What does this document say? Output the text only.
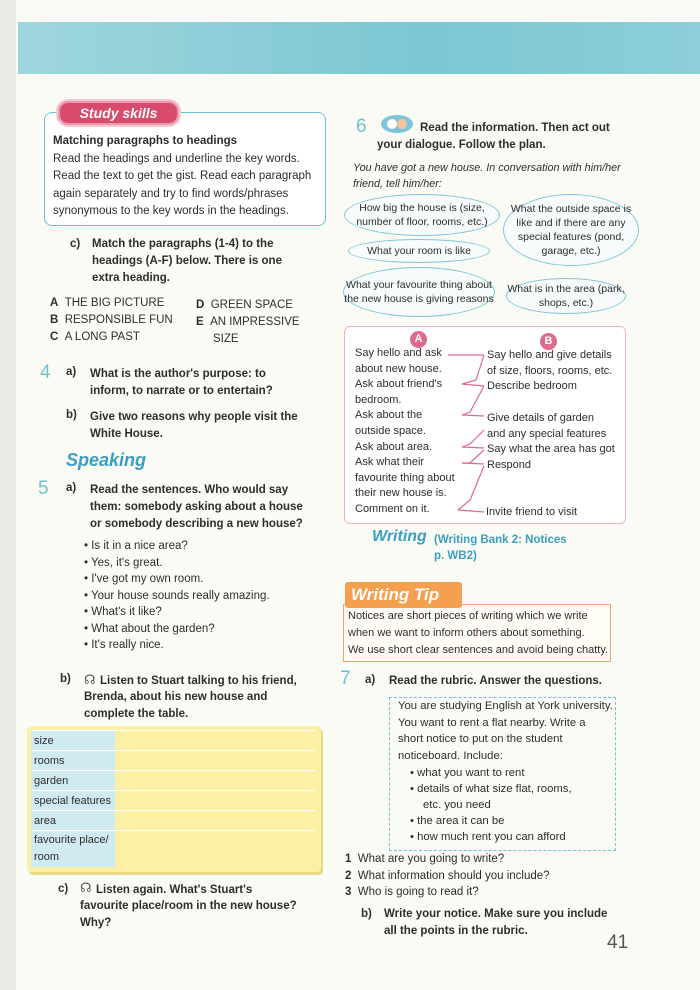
Matching paragraphs to headings
Read the headings and underline the key words.
Read the text to get the gist. Read each paragraph
again separately and try to find words/phrases
synonymous to the key words in the headings.
Study skills
c) Match the paragraphs (1-4) to the
headings (A-F) below. There is one
extra heading.
A THE BIG PICTURE
B RESPONSIBLE FUN
C A LONG PAST
D GREEN SPACE
E AN IMPRESSIVE
SIZE
4 a) What is the author's purpose: to
inform, to narrate or to entertain?
b) Give two reasons why people visit the
White House.
Speaking
5 a) Read the sentences. Who would say
them: somebody asking about a house
or somebody describing a new house?
• Is it in a nice area?
• Yes, it's great.
• I've got my own room.
• Your house sounds really amazing.
• What's it like?
• What about the garden?
• It's really nice.
b) ☊ Listen to Stuart talking to his friend,
Brenda, about his new house and
complete the table.
size
rooms
garden
special features
area
favourite place/
room
c) ☊ Listen again. What's Stuart's
favourite place/room in the new house?
Why?
6	Read the information. Then act out
your dialogue. Follow the plan.
You have got a new house. In conversation with him/her
friend, tell him/her:
How big the house is (size, number of floor, rooms, etc.)
What the outside space is like and if there are any special features (pond, garage, etc.)
What your room is like
What your favourite thing about the new house is giving reasons
What is in the area (park, shops, etc.)
A	B
Say hello and ask
about new house.
Ask about friend's
bedroom.
Ask about the
outside space.
Ask about area.
Ask what their
favourite thing about
their new house is.
Comment on it.
Say hello and give details
of size, floors, rooms, etc.
Describe bedroom
Give details of garden
and any special features
Say what the area has got
Respond
Invite friend to visit
Writing (Writing Bank 2: Notices
p. WB2)
Notices are short pieces of writing which we write
when we want to inform others about something.
We use short clear sentences and avoid being chatty.
Writing Tip
7 a) Read the rubric. Answer the questions.
You are studying English at York university.
You want to rent a flat nearby. Write a
short notice to put on the student
noticeboard. Include:
• what you want to rent
• details of what size flat, rooms,
etc. you need
• the area it can be
• how much rent you can afford
1 What are you going to write?
2 What information should you include?
3 Who is going to read it?
b) Write your notice. Make sure you include
all the points in the rubric.
41
